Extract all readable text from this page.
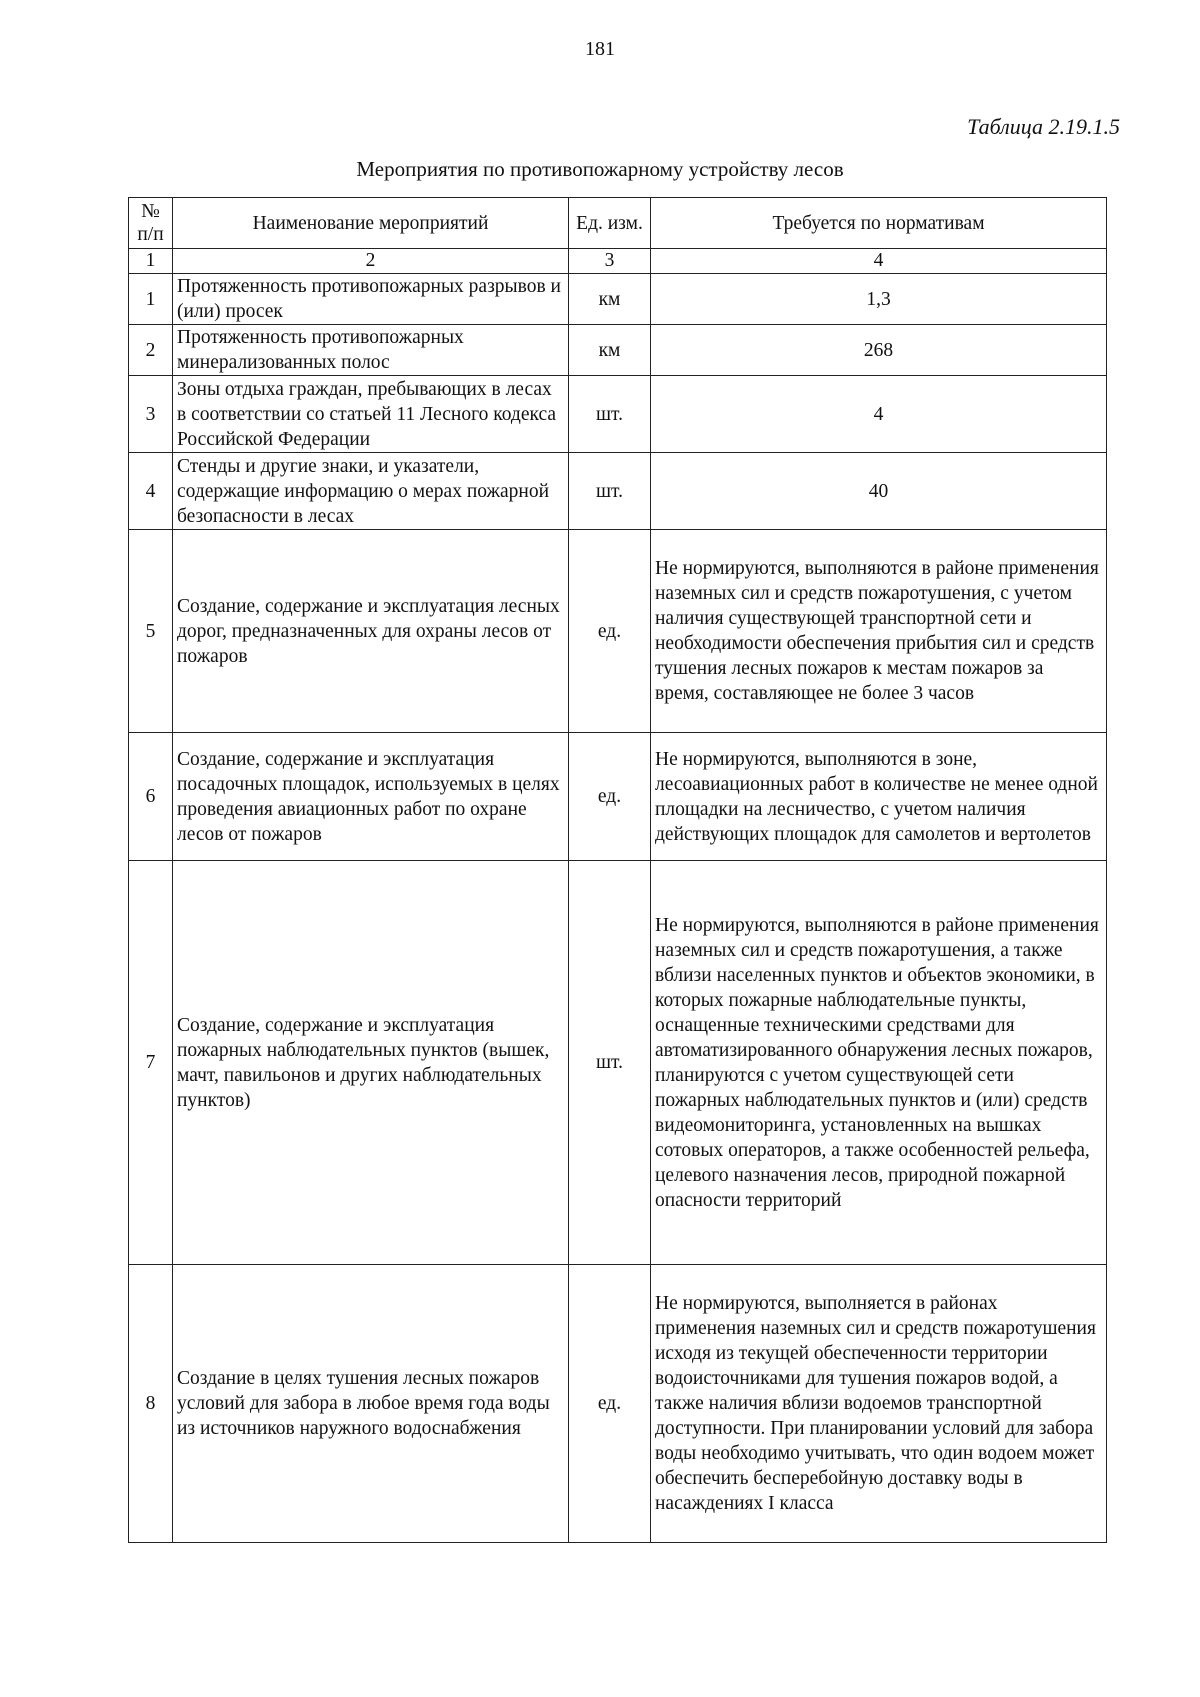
181
Таблица 2.19.1.5
Мероприятия по противопожарному устройству лесов
№ п/п	Наименование мероприятий	Ед. изм.	Требуется по нормативам
1	2	3	4
1	Протяженность противопожарных разрывов и (или) просек	км	1,3
2	Протяженность противопожарных минерализованных полос	км	268
3	Зоны отдыха граждан, пребывающих в лесах в соответствии со статьей 11 Лесного кодекса Российской Федерации	шт.	4
4	Стенды и другие знаки, и указатели, содержащие информацию о мерах пожарной безопасности в лесах	шт.	40
5	Создание, содержание и эксплуатация лесных дорог, предназначенных для охраны лесов от пожаров	ед.	Не нормируются, выполняются в районе применения наземных сил и средств пожаротушения, с учетом наличия существующей транспортной сети и необходимости обеспечения прибытия сил и средств тушения лесных пожаров к местам пожаров за время, составляющее не более 3 часов
6	Создание, содержание и эксплуатация посадочных площадок, используемых в целях проведения авиационных работ по охране лесов от пожаров	ед.	Не нормируются, выполняются в зоне, лесоавиационных работ в количестве не менее одной площадки на лесничество, с учетом наличия действующих площадок для самолетов и вертолетов
7	Создание, содержание и эксплуатация пожарных наблюдательных пунктов (вышек, мачт, павильонов и других наблюдательных пунктов)	шт.	Не нормируются, выполняются в районе применения наземных сил и средств пожаротушения, а также вблизи населенных пунктов и объектов экономики, в которых пожарные наблюдательные пункты, оснащенные техническими средствами для автоматизированного обнаружения лесных пожаров, планируются с учетом существующей сети пожарных наблюдательных пунктов и (или) средств видеомониторинга, установленных на вышках сотовых операторов, а также особенностей рельефа, целевого назначения лесов, природной пожарной опасности территорий
8	Создание в целях тушения лесных пожаров условий для забора в любое время года воды из источников наружного водоснабжения	ед.	Не нормируются, выполняется в районах применения наземных сил и средств пожаротушения исходя из текущей обеспеченности территории водоисточниками для тушения пожаров водой, а также наличия вблизи водоемов транспортной доступности. При планировании условий для забора воды необходимо учитывать, что один водоем может обеспечить бесперебойную доставку воды в насаждениях I класса
